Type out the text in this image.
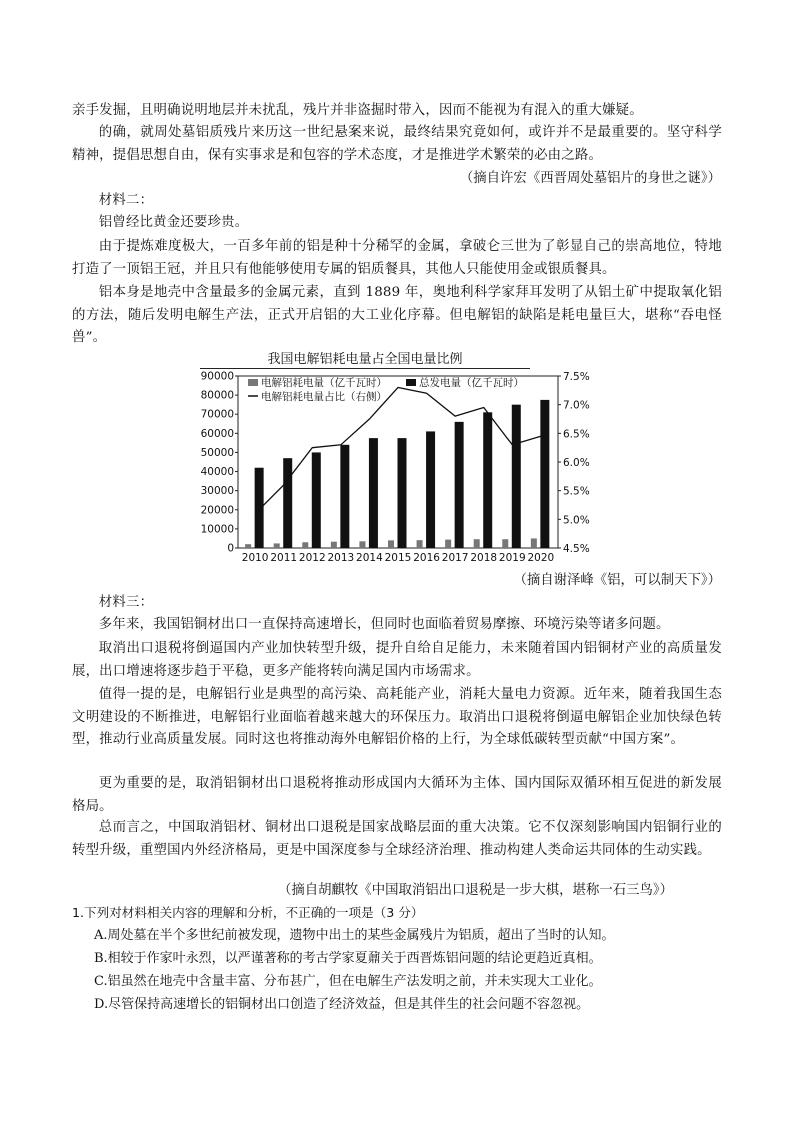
亲手发掘，且明确说明地层并未扰乱，残片并非盗掘时带入，因而不能视为有混入的重大嫌疑。

的确，就周处墓铝质残片来历这一世纪悬案来说，最终结果究竟如何，或许并不是最重要的。坚守科学精神，提倡思想自由，保有实事求是和包容的学术态度，才是推进学术繁荣的必由之路。

（摘自许宏《西晋周处墓铝片的身世之谜》）

材料二：

铝曾经比黄金还要珍贵。

由于提炼难度极大，一百多年前的铝是种十分稀罕的金属，拿破仑三世为了彰显自己的崇高地位，特地打造了一顶铝王冠，并且只有他能够使用专属的铝质餐具，其他人只能使用金或银质餐具。

铝本身是地壳中含量最多的金属元素，直到 1889 年，奥地利科学家拜耳发明了从铝土矿中提取氧化铝的方法，随后发明电解生产法，正式开启铝的大工业化序幕。但电解铝的缺陷是耗电量巨大，堪称“吞电怪兽”。

我国电解铝耗电量占全国电量比例
0
10000
20000
30000
40000
50000
60000
70000
80000
90000
4.5%
5.0%
5.5%
6.0%
6.5%
7.0%
7.5%
2010 2011 2012 2013 2014 2015 2016 2017 2018 2019 2020
电解铝耗电量（亿千瓦时）	总发电量（亿千瓦时）
电解铝耗电量占比（右侧）

（摘自谢泽峰《铝，可以制天下》）

材料三：

多年来，我国铝铜材出口一直保持高速增长，但同时也面临着贸易摩擦、环境污染等诸多问题。

取消出口退税将倒逼国内产业加快转型升级，提升自给自足能力，未来随着国内铝铜材产业的高质量发展，出口增速将逐步趋于平稳，更多产能将转向满足国内市场需求。

值得一提的是，电解铝行业是典型的高污染、高耗能产业，消耗大量电力资源。近年来，随着我国生态文明建设的不断推进，电解铝行业面临着越来越大的环保压力。取消出口退税将倒逼电解铝企业加快绿色转型，推动行业高质量发展。同时这也将推动海外电解铝价格的上行，为全球低碳转型贡献“中国方案”。

更为重要的是，取消铝铜材出口退税将推动形成国内大循环为主体、国内国际双循环相互促进的新发展格局。

总而言之，中国取消铝材、铜材出口退税是国家战略层面的重大决策。它不仅深刻影响国内铝铜行业的转型升级，重塑国内外经济格局，更是中国深度参与全球经济治理、推动构建人类命运共同体的生动实践。

（摘自胡麒牧《中国取消铝出口退税是一步大棋，堪称一石三鸟》）

1.下列对材料相关内容的理解和分析，不正确的一项是（3 分）

A.周处墓在半个多世纪前被发现，遗物中出土的某些金属残片为铝质，超出了当时的认知。

B.相较于作家叶永烈，以严谨著称的考古学家夏鼐关于西晋炼铝问题的结论更趋近真相。

C.铝虽然在地壳中含量丰富、分布甚广，但在电解生产法发明之前，并未实现大工业化。

D.尽管保持高速增长的铝铜材出口创造了经济效益，但是其伴生的社会问题不容忽视。
